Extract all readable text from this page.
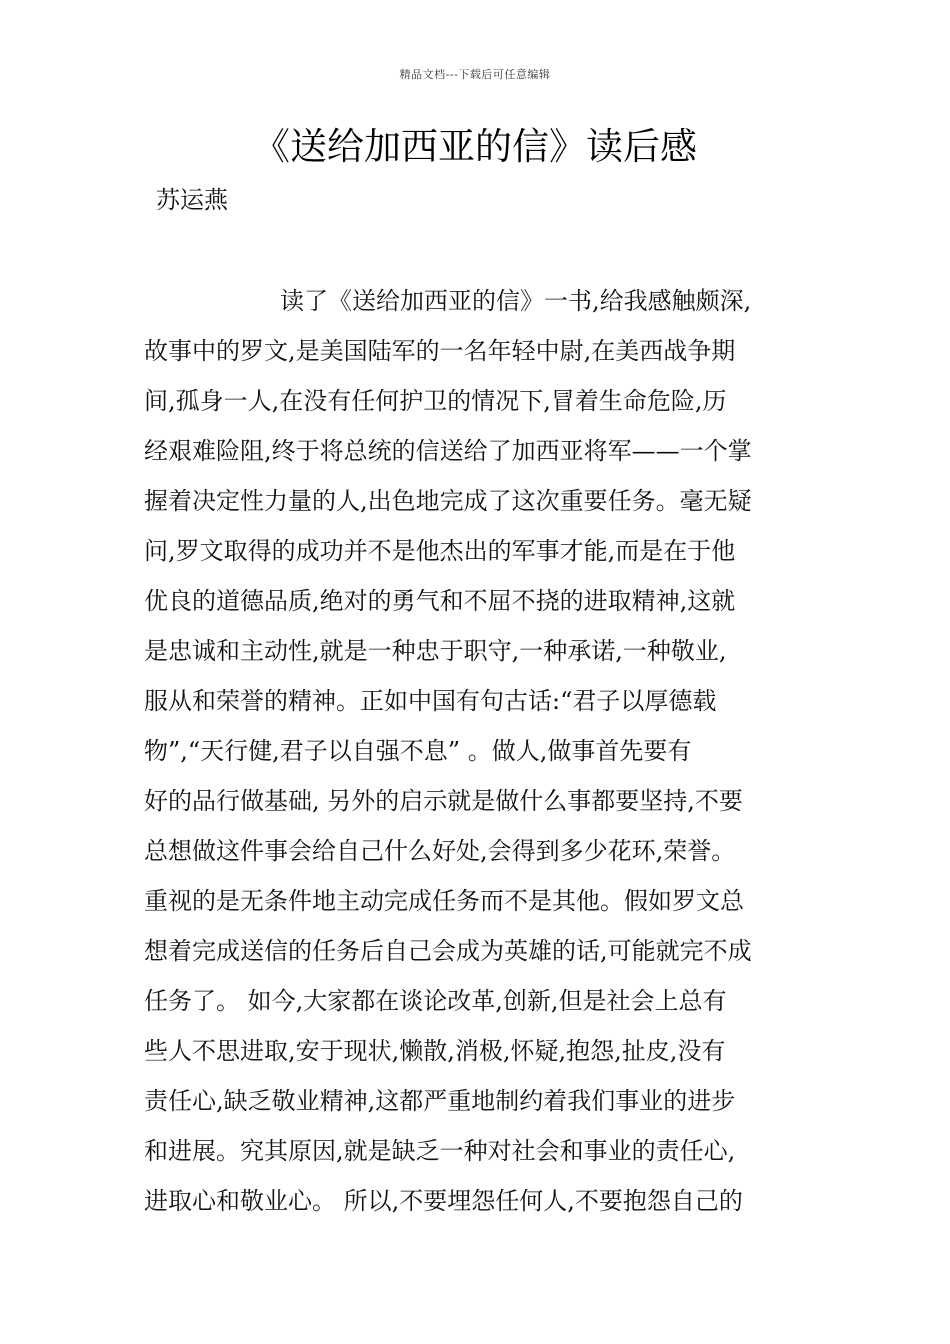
精品文档---下载后可任意编辑
《送给加西亚的信》读后感
苏运燕
读了《送给加西亚的信》一书,给我感触颇深,
故事中的罗文,是美国陆军的一名年轻中尉,在美西战争期
间,孤身一人,在没有任何护卫的情况下,冒着生命危险,历
经艰难险阻,终于将总统的信送给了加西亚将军——一个掌
握着决定性力量的人,出色地完成了这次重要任务。毫无疑
问,罗文取得的成功并不是他杰出的军事才能,而是在于他
优良的道德品质,绝对的勇气和不屈不挠的进取精神,这就
是忠诚和主动性,就是一种忠于职守,一种承诺,一种敬业,
服从和荣誉的精神。正如中国有句古话:“君子以厚德载
物”,“天行健,君子以自强不息” 。做人,做事首先要有
好的品行做基础, 另外的启示就是做什么事都要坚持,不要
总想做这件事会给自己什么好处,会得到多少花环,荣誉。
重视的是无条件地主动完成任务而不是其他。假如罗文总
想着完成送信的任务后自己会成为英雄的话,可能就完不成
任务了。 如今,大家都在谈论改革,创新,但是社会上总有
些人不思进取,安于现状,懒散,消极,怀疑,抱怨,扯皮,没有
责任心,缺乏敬业精神,这都严重地制约着我们事业的进步
和进展。究其原因,就是缺乏一种对社会和事业的责任心,
进取心和敬业心。 所以,不要埋怨任何人,不要抱怨自己的
